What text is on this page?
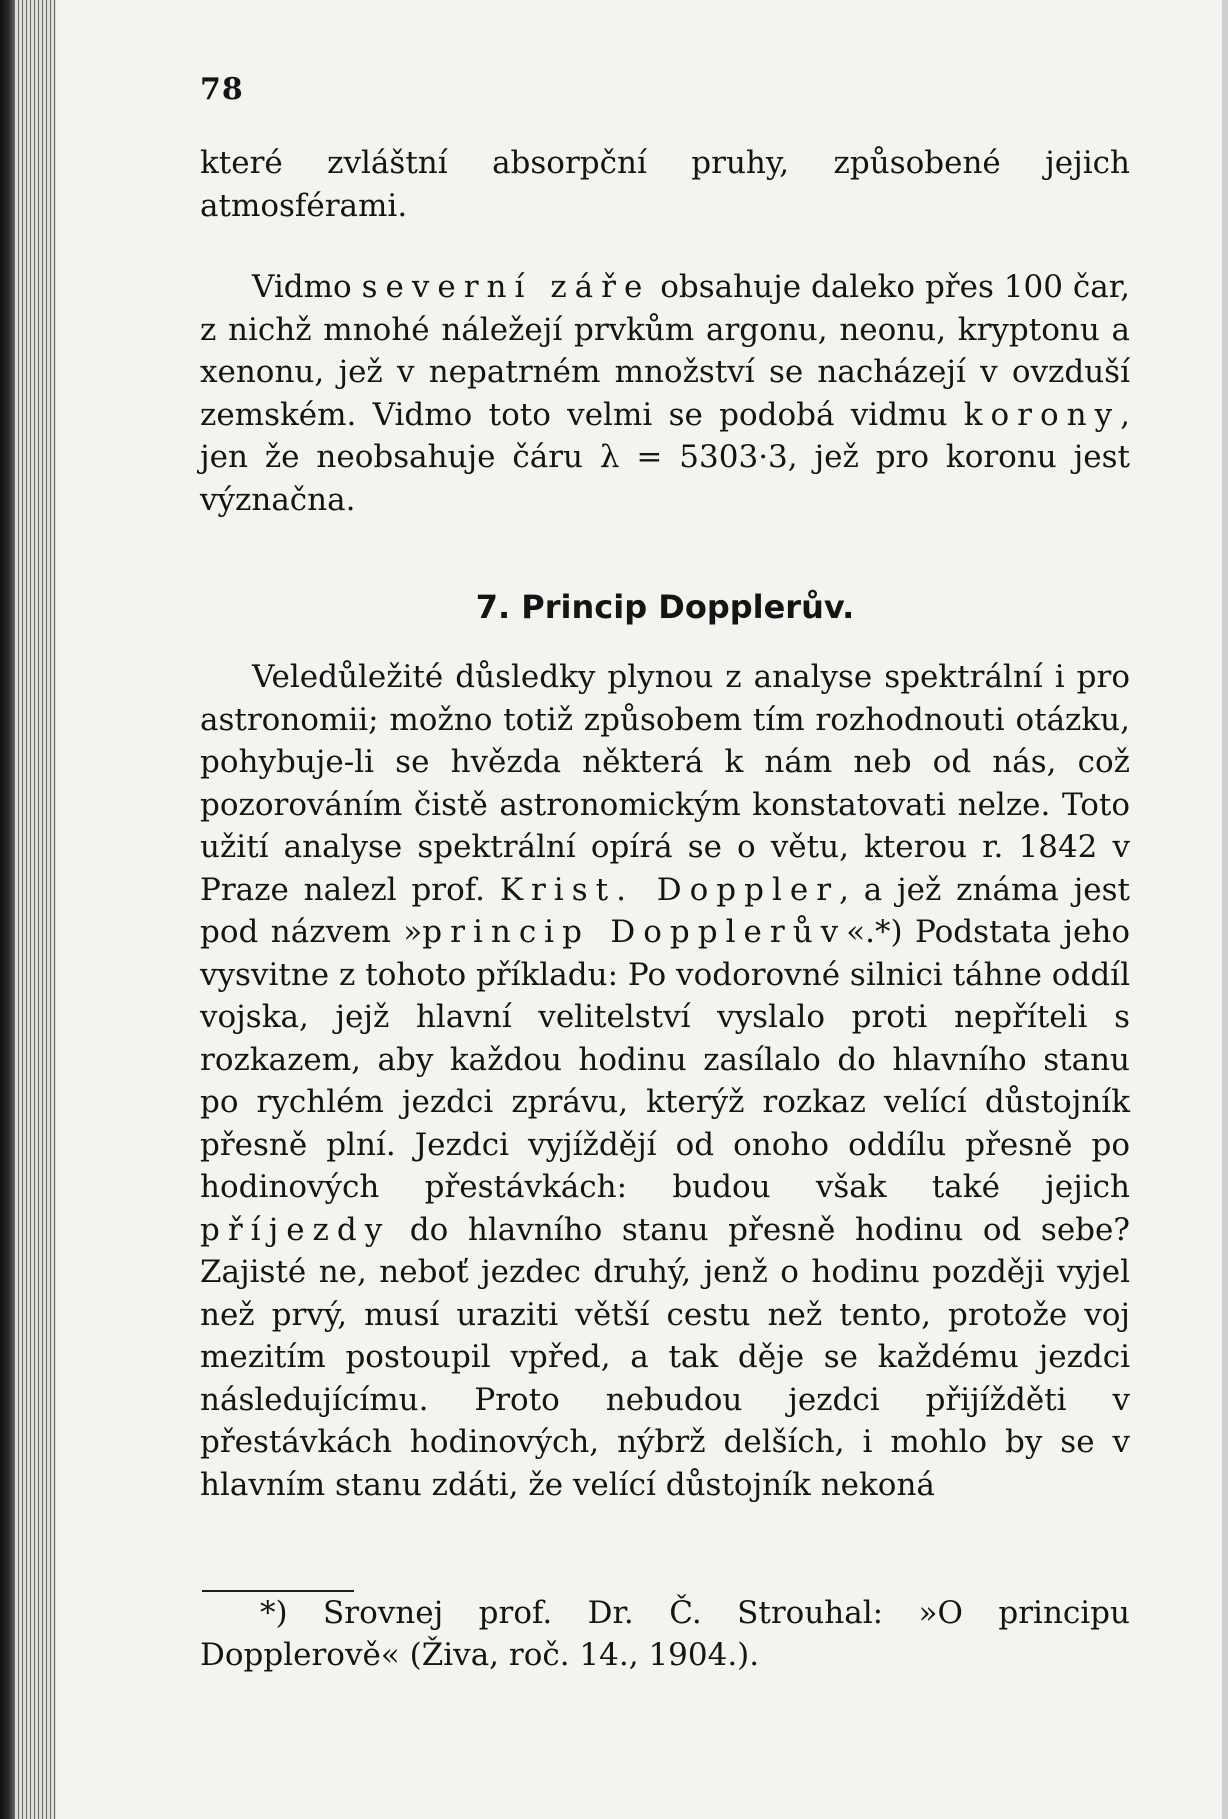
78

které zvláštní absorpční pruhy, způsobené jejich atmosférami.

Vidmo severní záře obsahuje daleko přes 100 čar, z nichž mnohé náležejí prvkům argonu, neonu, kryptonu a xenonu, jež v nepatrném množství se nacházejí v ovzduší zemském. Vidmo toto velmi se podobá vidmu korony, jen že neobsahuje čáru λ = 5303·3, jež pro koronu jest význačna.

7. Princip Dopplerův.

Veledůležité důsledky plynou z analyse spektrální i pro astronomii; možno totiž způsobem tím rozhodnouti otázku, pohybuje-li se hvězda některá k nám neb od nás, což pozorováním čistě astronomickým konstatovati nelze. Toto užití analyse spektrální opírá se o větu, kterou r. 1842 v Praze nalezl prof. Krist. Doppler, a jež známa jest pod názvem »princip Dopplerův«.*) Podstata jeho vysvitne z tohoto příkladu: Po vodorovné silnici táhne oddíl vojska, jejž hlavní velitelství vyslalo proti nepříteli s rozkazem, aby každou hodinu zasílalo do hlavního stanu po rychlém jezdci zprávu, kterýž rozkaz velící důstojník přesně plní. Jezdci vyjíždějí od onoho oddílu přesně po hodinových přestávkách: budou však také jejich příjezdy do hlavního stanu přesně hodinu od sebe? Zajisté ne, neboť jezdec druhý, jenž o hodinu později vyjel než prvý, musí uraziti větší cestu než tento, protože voj mezitím postoupil vpřed, a tak děje se každému jezdci následujícímu. Proto nebudou jezdci přijížděti v přestávkách hodinových, nýbrž delších, i mohlo by se v hlavním stanu zdáti, že velící důstojník nekoná

*) Srovnej prof. Dr. Č. Strouhal: »O principu Dopplerově« (Živa, roč. 14., 1904.).
